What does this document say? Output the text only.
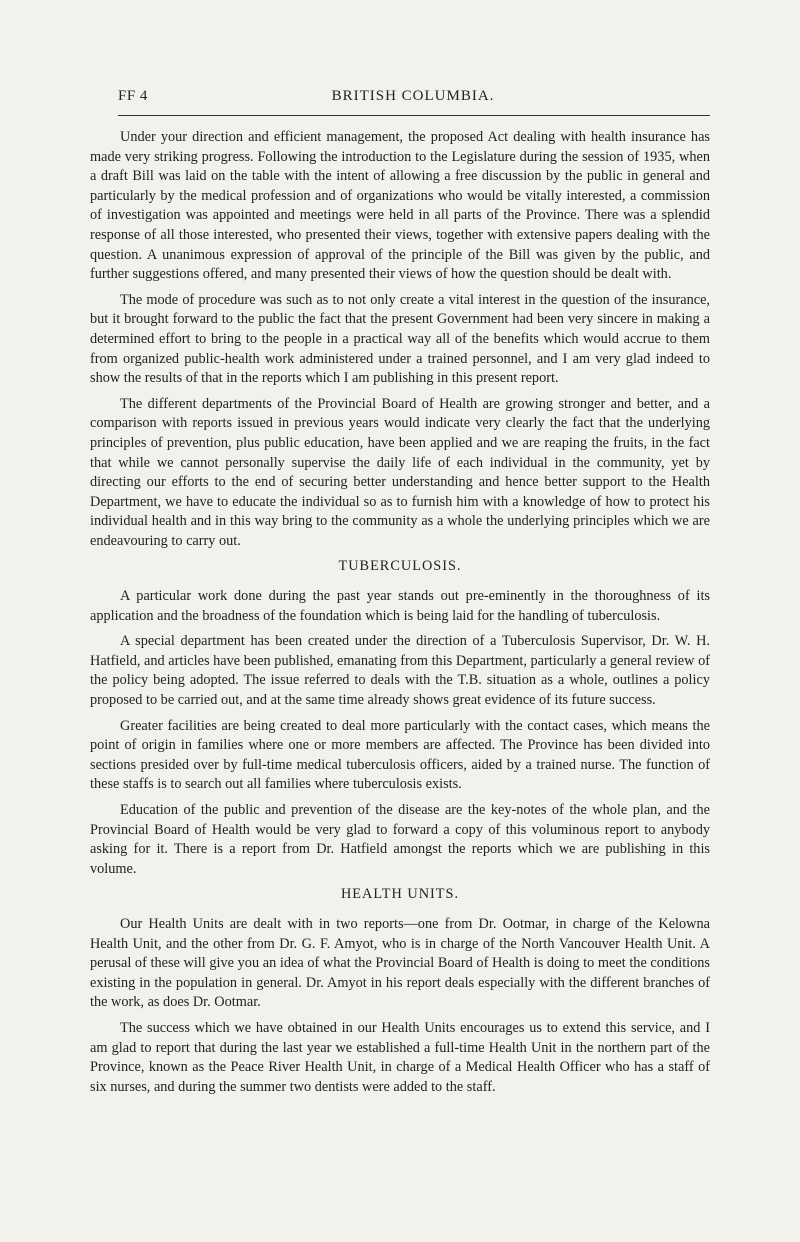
FF 4	BRITISH COLUMBIA.

Under your direction and efficient management, the proposed Act dealing with health insurance has made very striking progress. Following the introduction to the Legislature during the session of 1935, when a draft Bill was laid on the table with the intent of allowing a free discussion by the public in general and particularly by the medical profession and of organizations who would be vitally interested, a commission of investigation was appointed and meetings were held in all parts of the Province. There was a splendid response of all those interested, who presented their views, together with extensive papers dealing with the question. A unanimous expression of approval of the principle of the Bill was given by the public, and further suggestions offered, and many presented their views of how the question should be dealt with.

The mode of procedure was such as to not only create a vital interest in the question of the insurance, but it brought forward to the public the fact that the present Government had been very sincere in making a determined effort to bring to the people in a practical way all of the benefits which would accrue to them from organized public-health work administered under a trained personnel, and I am very glad indeed to show the results of that in the reports which I am publishing in this present report.

The different departments of the Provincial Board of Health are growing stronger and better, and a comparison with reports issued in previous years would indicate very clearly the fact that the underlying principles of prevention, plus public education, have been applied and we are reaping the fruits, in the fact that while we cannot personally supervise the daily life of each individual in the community, yet by directing our efforts to the end of securing better understanding and hence better support to the Health Department, we have to educate the individual so as to furnish him with a knowledge of how to protect his individual health and in this way bring to the community as a whole the underlying principles which we are endeavouring to carry out.

TUBERCULOSIS.

A particular work done during the past year stands out pre-eminently in the thoroughness of its application and the broadness of the foundation which is being laid for the handling of tuberculosis.

A special department has been created under the direction of a Tuberculosis Supervisor, Dr. W. H. Hatfield, and articles have been published, emanating from this Department, particularly a general review of the policy being adopted. The issue referred to deals with the T.B. situation as a whole, outlines a policy proposed to be carried out, and at the same time already shows great evidence of its future success.

Greater facilities are being created to deal more particularly with the contact cases, which means the point of origin in families where one or more members are affected. The Province has been divided into sections presided over by full-time medical tuberculosis officers, aided by a trained nurse. The function of these staffs is to search out all families where tuberculosis exists.

Education of the public and prevention of the disease are the key-notes of the whole plan, and the Provincial Board of Health would be very glad to forward a copy of this voluminous report to anybody asking for it. There is a report from Dr. Hatfield amongst the reports which we are publishing in this volume.

HEALTH UNITS.

Our Health Units are dealt with in two reports—one from Dr. Ootmar, in charge of the Kelowna Health Unit, and the other from Dr. G. F. Amyot, who is in charge of the North Vancouver Health Unit. A perusal of these will give you an idea of what the Provincial Board of Health is doing to meet the conditions existing in the population in general. Dr. Amyot in his report deals especially with the different branches of the work, as does Dr. Ootmar.

The success which we have obtained in our Health Units encourages us to extend this service, and I am glad to report that during the last year we established a full-time Health Unit in the northern part of the Province, known as the Peace River Health Unit, in charge of a Medical Health Officer who has a staff of six nurses, and during the summer two dentists were added to the staff.
